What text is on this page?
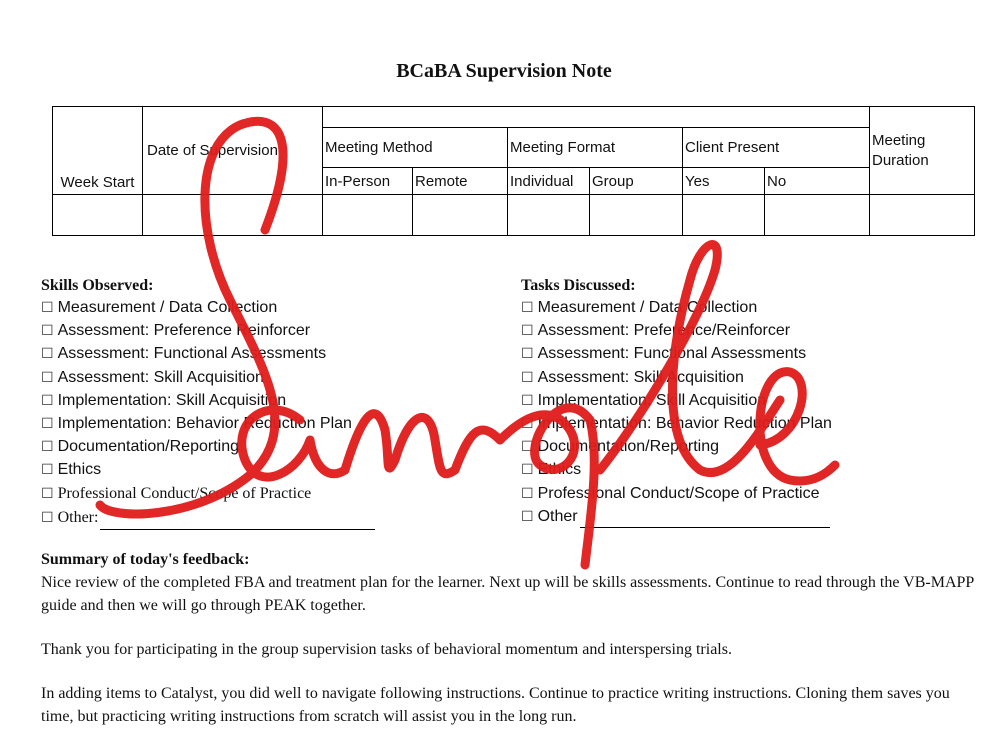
BCaBA Supervision Note
Week Start	Date of Supervision							Meeting Duration
		Meeting Method		Meeting Format		Client Present		
		In-Person	Remote	Individual	Group	Yes	No	

Skills Observed:
☐ Measurement / Data Collection
☐ Assessment: Preference Reinforcer
☐ Assessment: Functional Assessments
☐ Assessment: Skill Acquisition
☐ Implementation: Skill Acquisition
☐ Implementation: Behavior Reduction Plan
☐ Documentation/Reporting
☐ Ethics
☐ Professional Conduct/Scope of Practice
☐ Other:
Tasks Discussed:
☐ Measurement / Data Collection
☐ Assessment: Preference/Reinforcer
☐ Assessment: Functional Assessments
☐ Assessment: Skill Acquisition
☐ Implementation: Skill Acquisition
☐ Implementation: Behavior Reduction Plan
☐ Documentation/Reporting
☐ Ethics
☐ Professional Conduct/Scope of Practice
☐ Other
Summary of today's feedback:

Nice review of the completed FBA and treatment plan for the learner. Next up will be skills assessments. Continue to read through the VB-MAPP guide and then we will go through PEAK together.

Thank you for participating in the group supervision tasks of behavioral momentum and interspersing trials.

In adding items to Catalyst, you did well to navigate following instructions. Continue to practice writing instructions. Cloning them saves you time, but practicing writing instructions from scratch will assist you in the long run.
